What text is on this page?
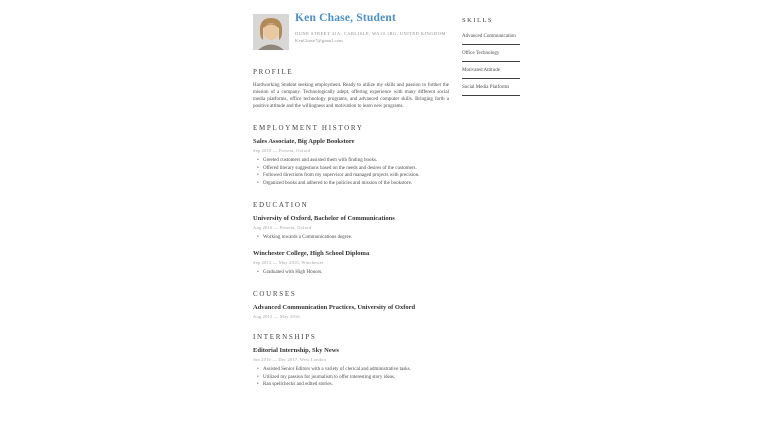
Ken Chase, Student
DUNE STREET 41A, CARLISLE, WA10 1BG, UNITED KINGDOM
KenChase7@gmail.com
PROFILE

Hardworking Student seeking employment. Ready to utilize my skills and passion to further the mission of a company. Technologically adept, offering experience with many different social media platforms, office technology programs, and advanced computer skills. Bringing forth a positive attitude and the willingness and motivation to learn new programs.

EMPLOYMENT HISTORY

Sales Associate, Big Apple Bookstore

Sep 2018 — Present, Oxford

• Greeted customers and assisted them with finding books.
• Offered literary suggestions based on the needs and desires of the customers.
• Followed directions from my supervisor and managed projects with precision.
• Organized books and adhered to the policies and mission of the bookstore.
EDUCATION

University of Oxford, Bachelor of Communications

Aug 2016 — Present, Oxford

• Working towards a Communications degree.

Winchester College, High School Diploma

Sep 2012 — May 2016, Winchester

• Graduated with High Honors.
COURSES

Advanced Communication Practices, University of Oxford

Aug 2015 — May 2016

INTERNSHIPS

Editorial Internship, Sky News

Jun 2016 — Dec 2017, West London

• Assisted Senior Editors with a variety of clerical and administrative tasks.
• Utilized my passion for journalism to offer interesting story ideas.
• Ran spellchecks and edited stories.
SKILLS
Advanced Communication
Office Technology
Motivated Attitude
Social Media Platforms
